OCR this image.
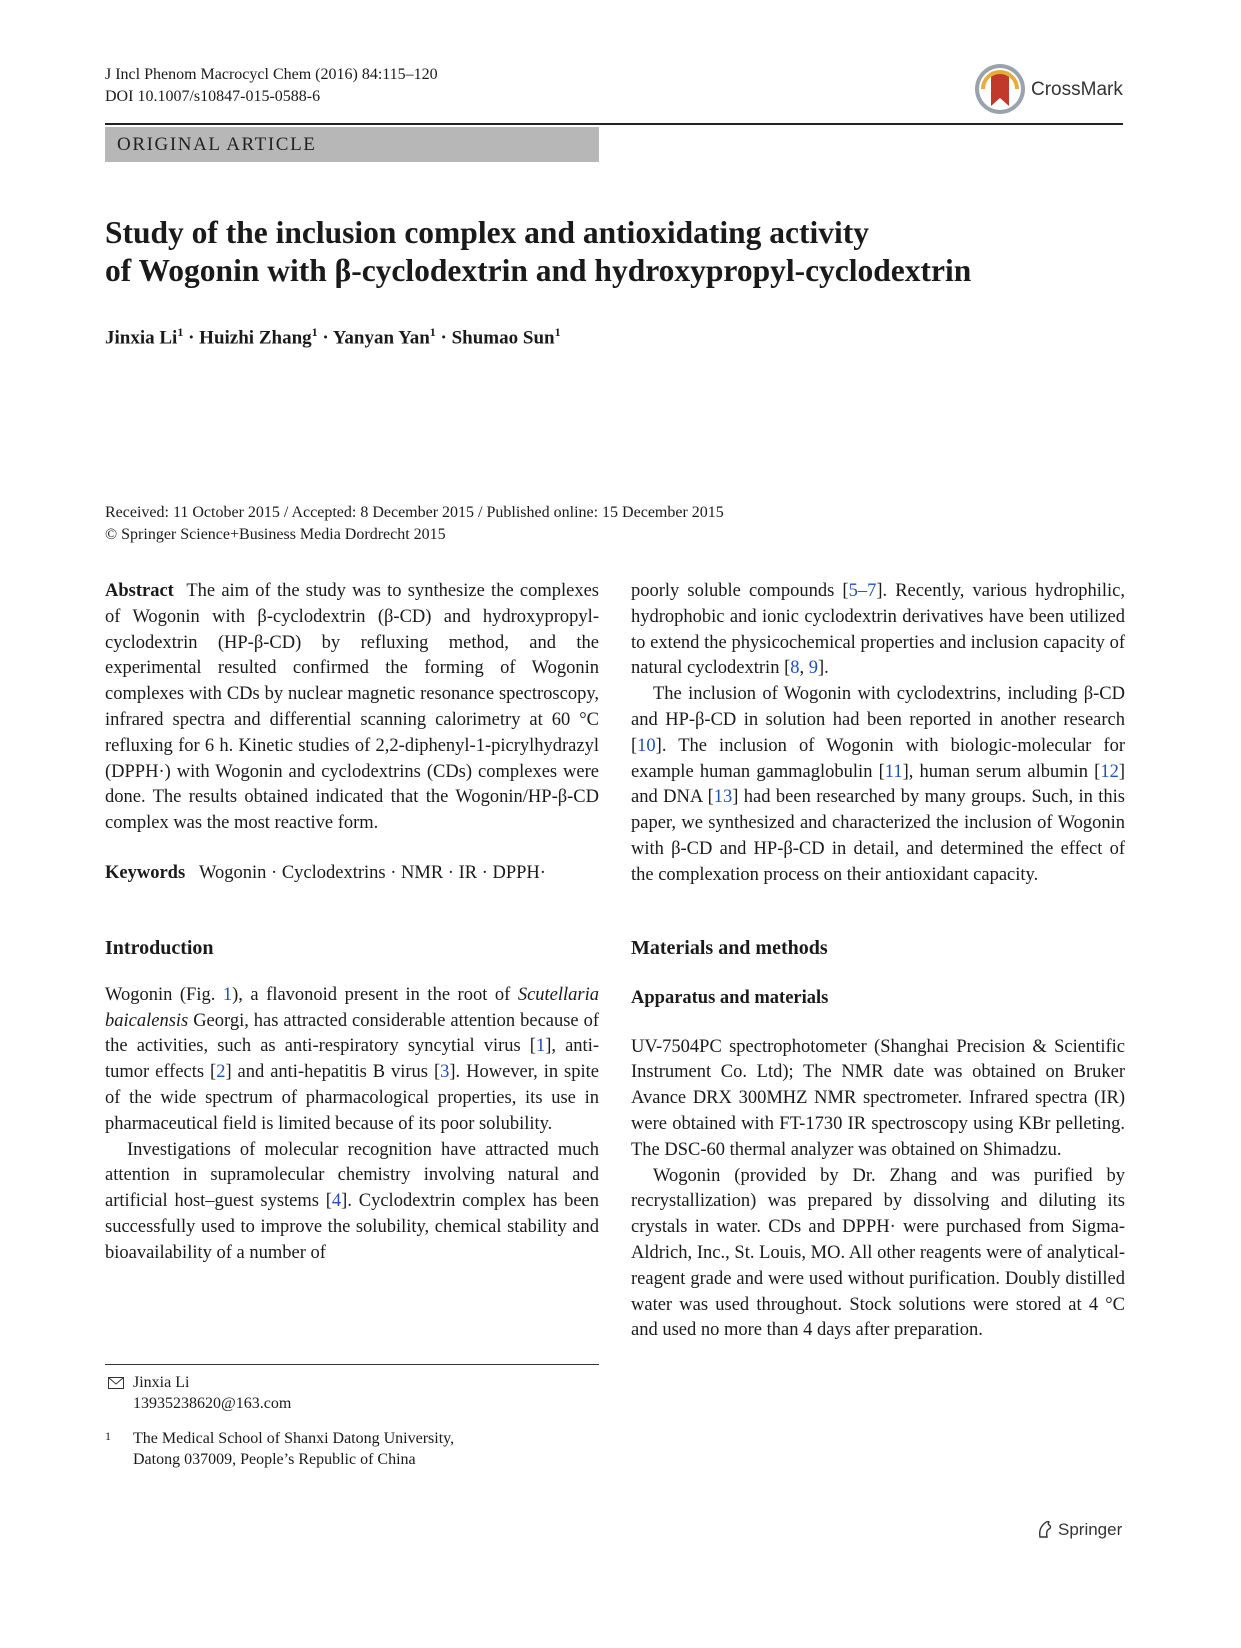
J Incl Phenom Macrocycl Chem (2016) 84:115–120
DOI 10.1007/s10847-015-0588-6	CrossMark
ORIGINAL ARTICLE
Study of the inclusion complex and antioxidating activity
of Wogonin with β-cyclodextrin and hydroxypropyl-cyclodextrin
Jinxia $Li^1$ · Huizhi Zhang$^1$ · Yanyan Yan$^1$ · Shumao Sun$^1$
Received: 11 October 2015 / Accepted: 8 December 2015 / Published online: 15 December 2015
© Springer Science+Business Media Dordrecht 2015

Abstract The aim of the study was to synthesize the complexes of Wogonin with β-cyclodextrin (β-CD) and hydroxypropyl-cyclodextrin (HP-β-CD) by refluxing method, and the experimental resulted confirmed the forming of Wogonin complexes with CDs by nuclear magnetic resonance spectroscopy, infrared spectra and differential scanning calorimetry at 60 °C refluxing for 6 h. Kinetic studies of 2,2-diphenyl-1-picrylhydrazyl (DPPH·) with Wogonin and cyclodextrins (CDs) complexes were done. The results obtained indicated that the Wogonin/HP-β-CD complex was the most reactive form.

Keywords Wogonin · Cyclodextrins · NMR · IR · DPPH·

Introduction

Wogonin (Fig. 1), a flavonoid present in the root of Scutellaria baicalensis Georgi, has attracted considerable attention because of the activities, such as anti-respiratory syncytial virus [1], anti-tumor effects [2] and anti-hepatitis B virus [3]. However, in spite of the wide spectrum of pharmacological properties, its use in pharmaceutical field is limited because of its poor solubility.

Investigations of molecular recognition have attracted much attention in supramolecular chemistry involving natural and artificial host–guest systems [4]. Cyclodextrin complex has been successfully used to improve the solubility, chemical stability and bioavailability of a number of

Jinxia Li
13935238620@163.com
1 The Medical School of Shanxi Datong University,
Datong 037009, People’s Republic of China

poorly soluble compounds [5–7]. Recently, various hydrophilic, hydrophobic and ionic cyclodextrin derivatives have been utilized to extend the physicochemical properties and inclusion capacity of natural cyclodextrin [8, 9].

The inclusion of Wogonin with cyclodextrins, including β-CD and HP-β-CD in solution had been reported in another research [10]. The inclusion of Wogonin with biologic-molecular for example human gammaglobulin [11], human serum albumin [12] and DNA [13] had been researched by many groups. Such, in this paper, we synthesized and characterized the inclusion of Wogonin with β-CD and HP-β-CD in detail, and determined the effect of the complexation process on their antioxidant capacity.

Materials and methods
Apparatus and materials

UV-7504PC spectrophotometer (Shanghai Precision & Scientific Instrument Co. Ltd); The NMR date was obtained on Bruker Avance DRX 300MHZ NMR spectrometer. Infrared spectra (IR) were obtained with FT-1730 IR spectroscopy using KBr pelleting. The DSC-60 thermal analyzer was obtained on Shimadzu.

Wogonin (provided by Dr. Zhang and was purified by recrystallization) was prepared by dissolving and diluting its crystals in water. CDs and DPPH· were purchased from Sigma-Aldrich, Inc., St. Louis, MO. All other reagents were of analytical-reagent grade and were used without purification. Doubly distilled water was used throughout. Stock solutions were stored at 4 °C and used no more than 4 days after preparation.

Springer
